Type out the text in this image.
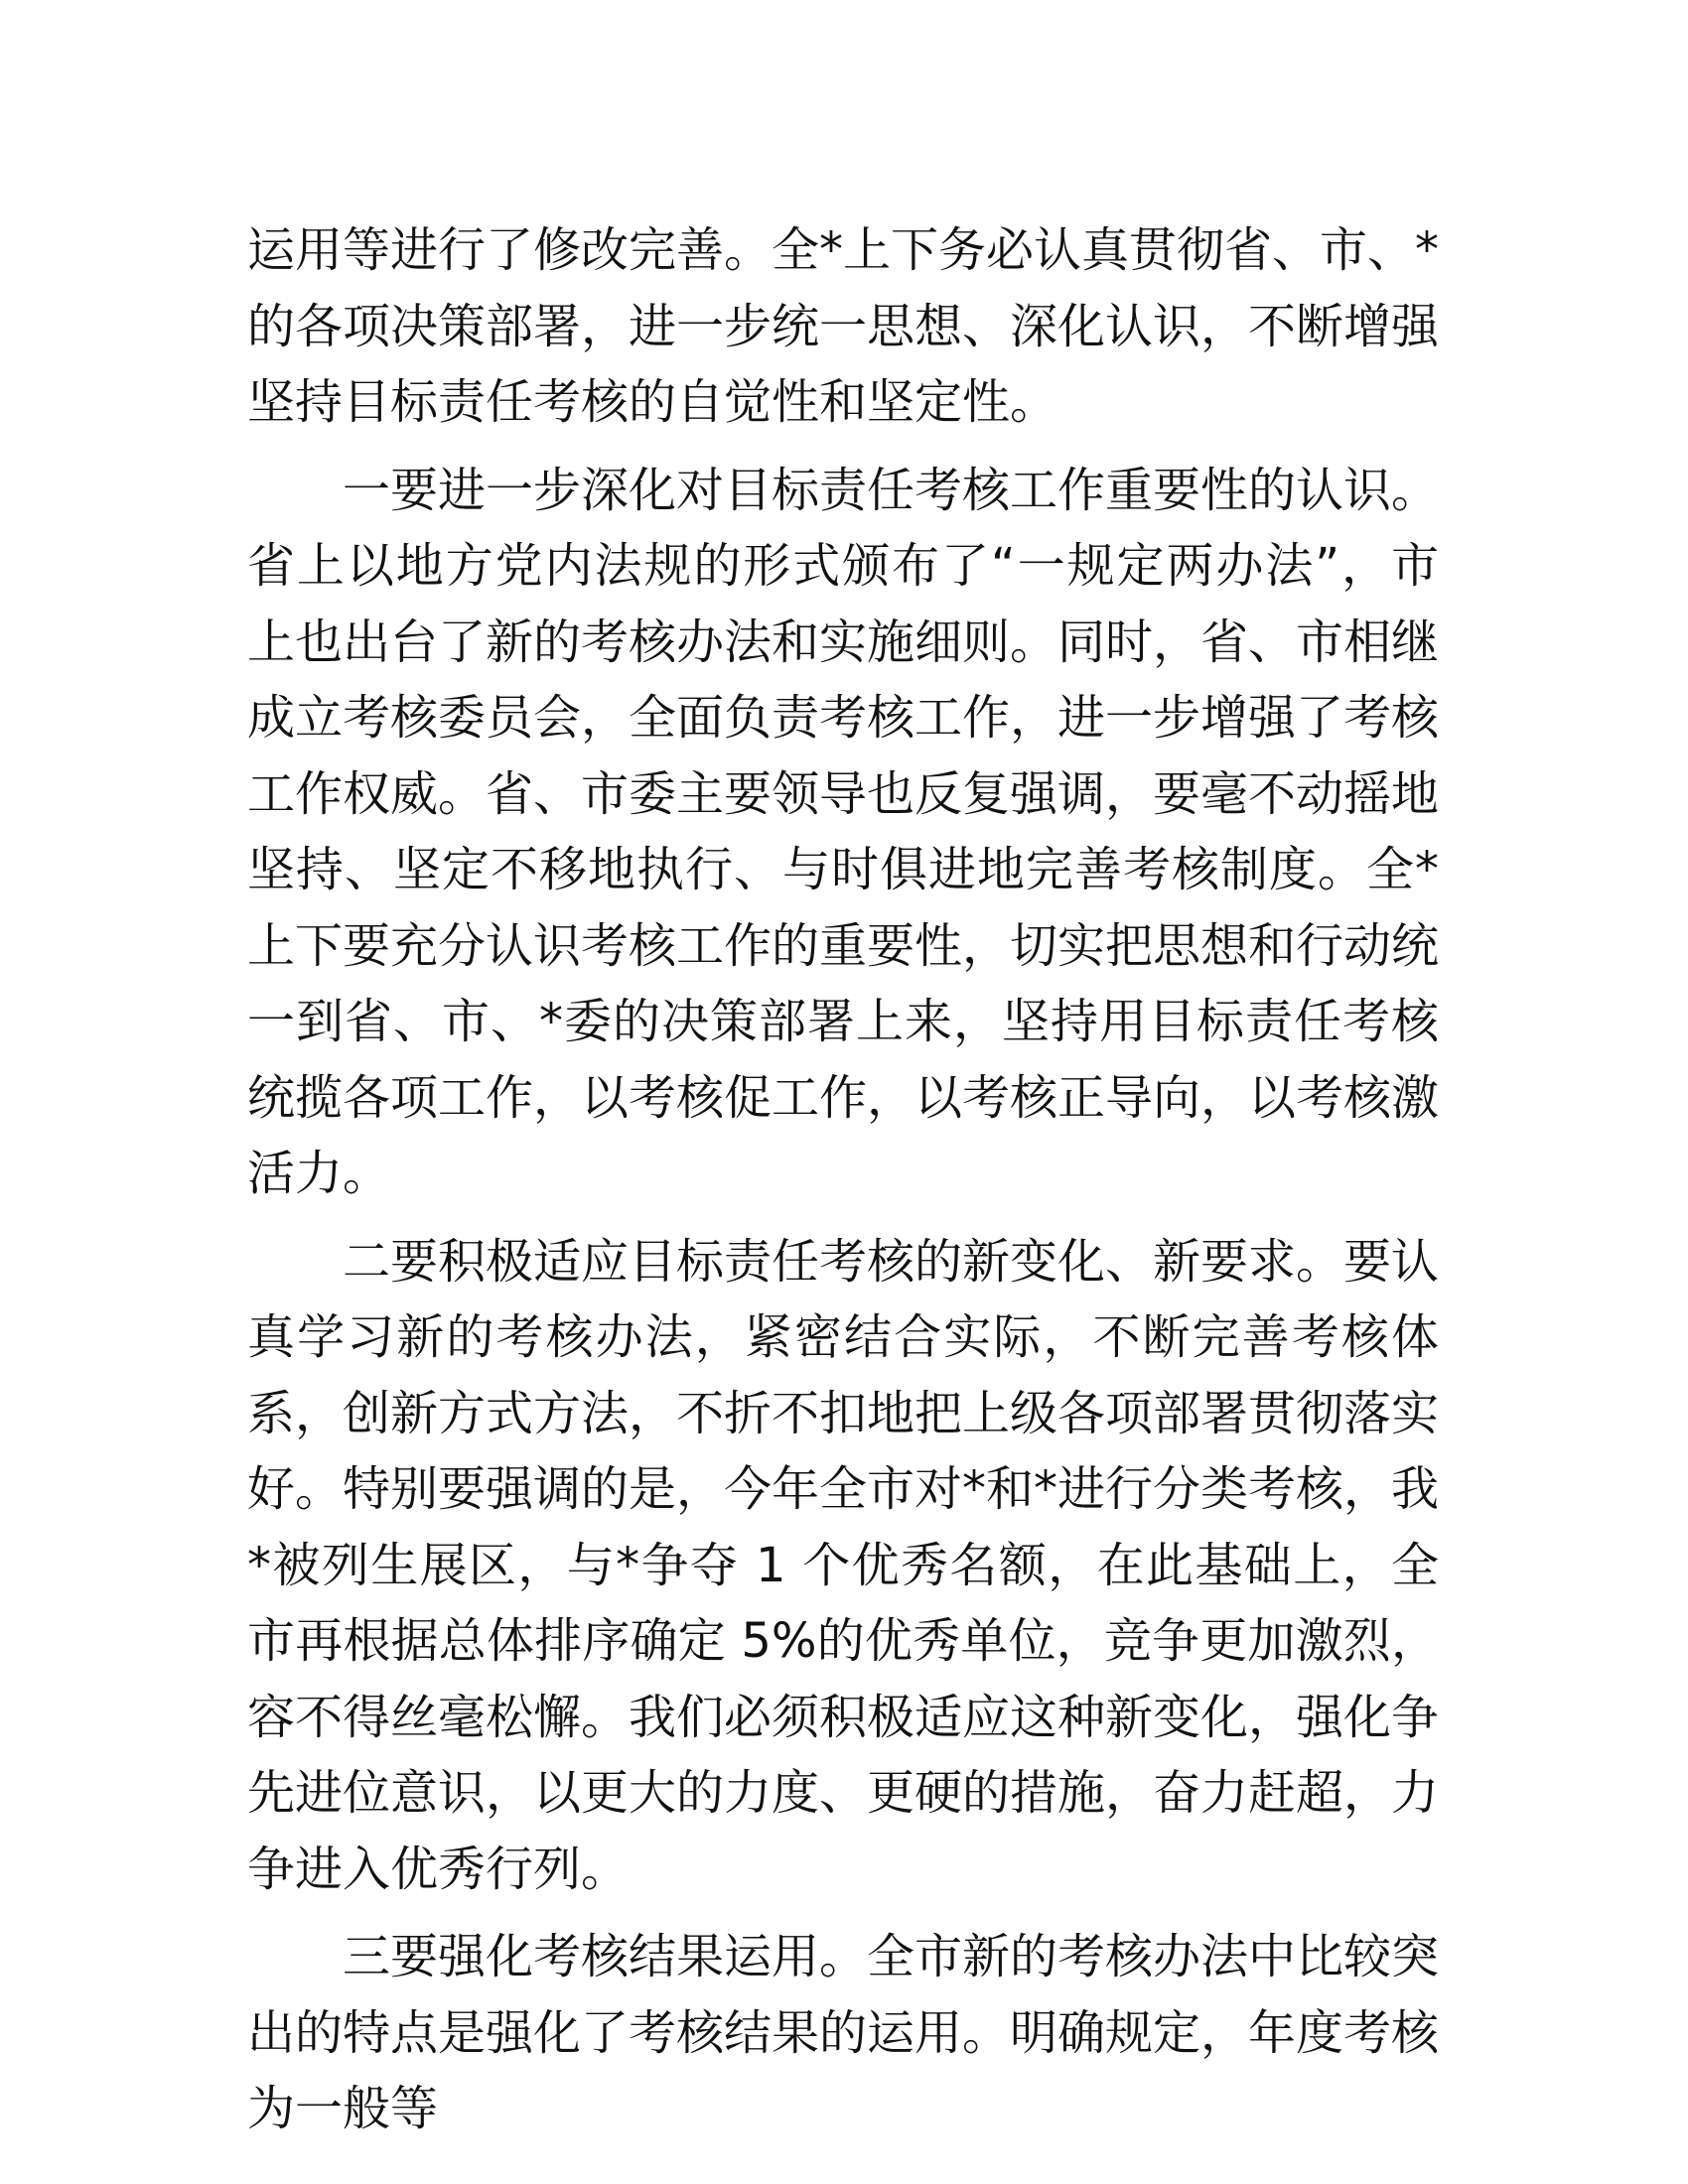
运用等进行了修改完善。全*上下务必认真贯彻省、市、*的各项决策部署，进一步统一思想、深化认识，不断增强坚持目标责任考核的自觉性和坚定性。

一要进一步深化对目标责任考核工作重要性的认识。省上以地方党内法规的形式颁布了“一规定两办法”，市上也出台了新的考核办法和实施细则。同时，省、市相继成立考核委员会，全面负责考核工作，进一步增强了考核工作权威。省、市委主要领导也反复强调，要毫不动摇地坚持、坚定不移地执行、与时俱进地完善考核制度。全*上下要充分认识考核工作的重要性，切实把思想和行动统一到省、市、*委的决策部署上来，坚持用目标责任考核统揽各项工作，以考核促工作，以考核正导向，以考核激活力。

二要积极适应目标责任考核的新变化、新要求。要认真学习新的考核办法，紧密结合实际，不断完善考核体系，创新方式方法，不折不扣地把上级各项部署贯彻落实好。特别要强调的是，今年全市对*和*进行分类考核，我*被列生展区，与*争夺 1 个优秀名额，在此基础上，全市再根据总体排序确定 5%的优秀单位，竞争更加激烈，容不得丝毫松懈。我们必须积极适应这种新变化，强化争先进位意识，以更大的力度、更硬的措施，奋力赶超，力争进入优秀行列。

三要强化考核结果运用。全市新的考核办法中比较突出的特点是强化了考核结果的运用。明确规定，年度考核为一般等
